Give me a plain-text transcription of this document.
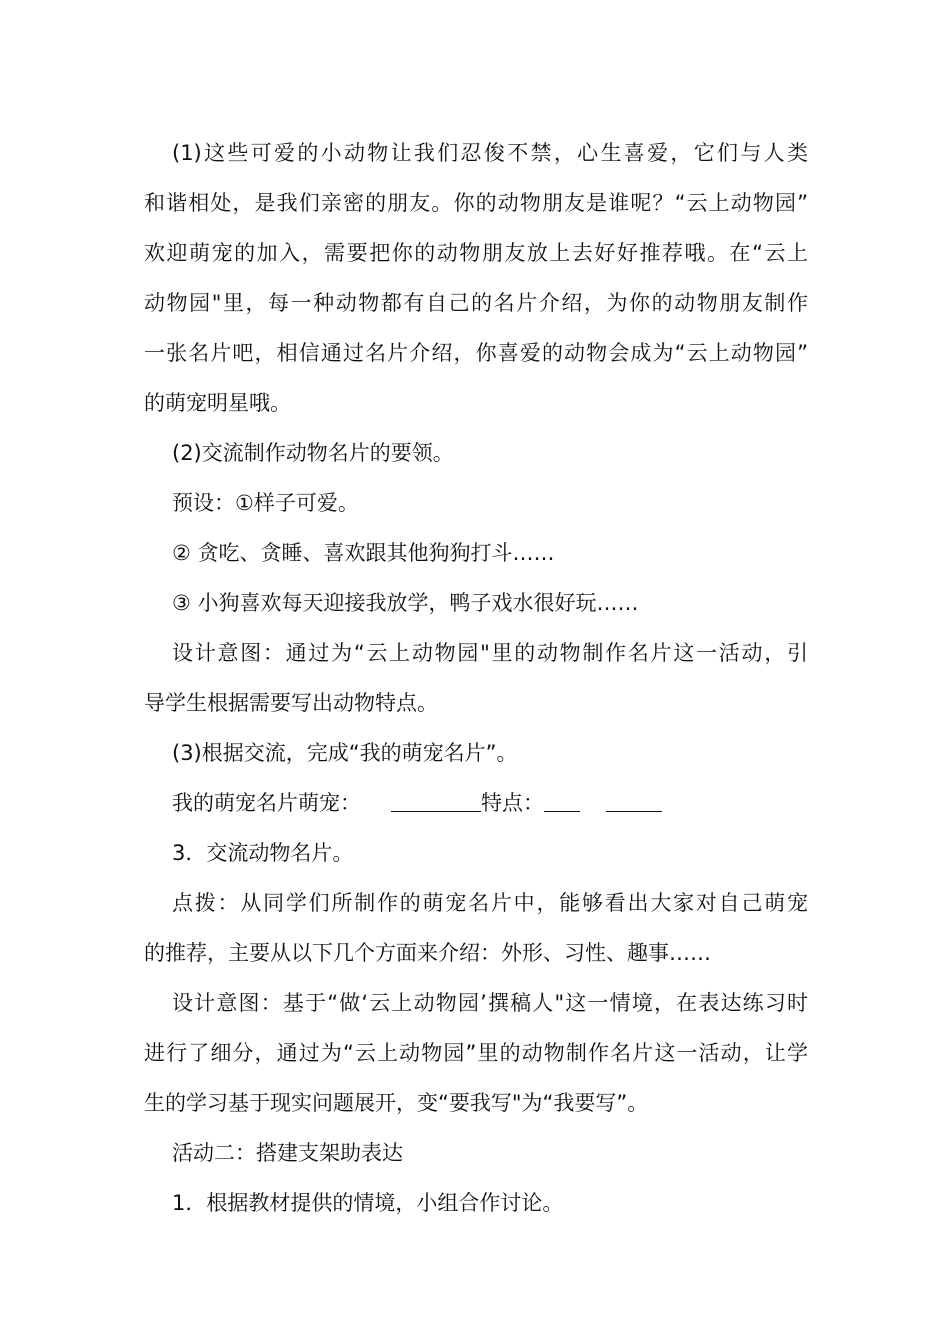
(1)这些可爱的小动物让我们忍俊不禁，心生喜爱，它们与人类
和谐相处，是我们亲密的朋友。你的动物朋友是谁呢？“云上动物园”
欢迎萌宠的加入，需要把你的动物朋友放上去好好推荐哦。在“云上
动物园"里，每一种动物都有自己的名片介绍，为你的动物朋友制作
一张名片吧，相信通过名片介绍，你喜爱的动物会成为“云上动物园”
的萌宠明星哦。
(2)交流制作动物名片的要领。
预设：①样子可爱。
② 贪吃、贪睡、喜欢跟其他狗狗打斗……
③ 小狗喜欢每天迎接我放学，鸭子戏水很好玩……
设计意图：通过为“云上动物园"里的动物制作名片这一活动，引
导学生根据需要写出动物特点。
(3)根据交流，完成“我的萌宠名片”。
我的萌宠名片萌宠：	特点：
3．交流动物名片。
点拨：从同学们所制作的萌宠名片中，能够看出大家对自己萌宠
的推荐，主要从以下几个方面来介绍：外形、习性、趣事……
设计意图：基于“做‘云上动物园’撰稿人"这一情境，在表达练习时
进行了细分，通过为“云上动物园”里的动物制作名片这一活动，让学
生的学习基于现实问题展开，变“要我写"为“我要写”。
活动二：搭建支架助表达
1．根据教材提供的情境，小组合作讨论。
